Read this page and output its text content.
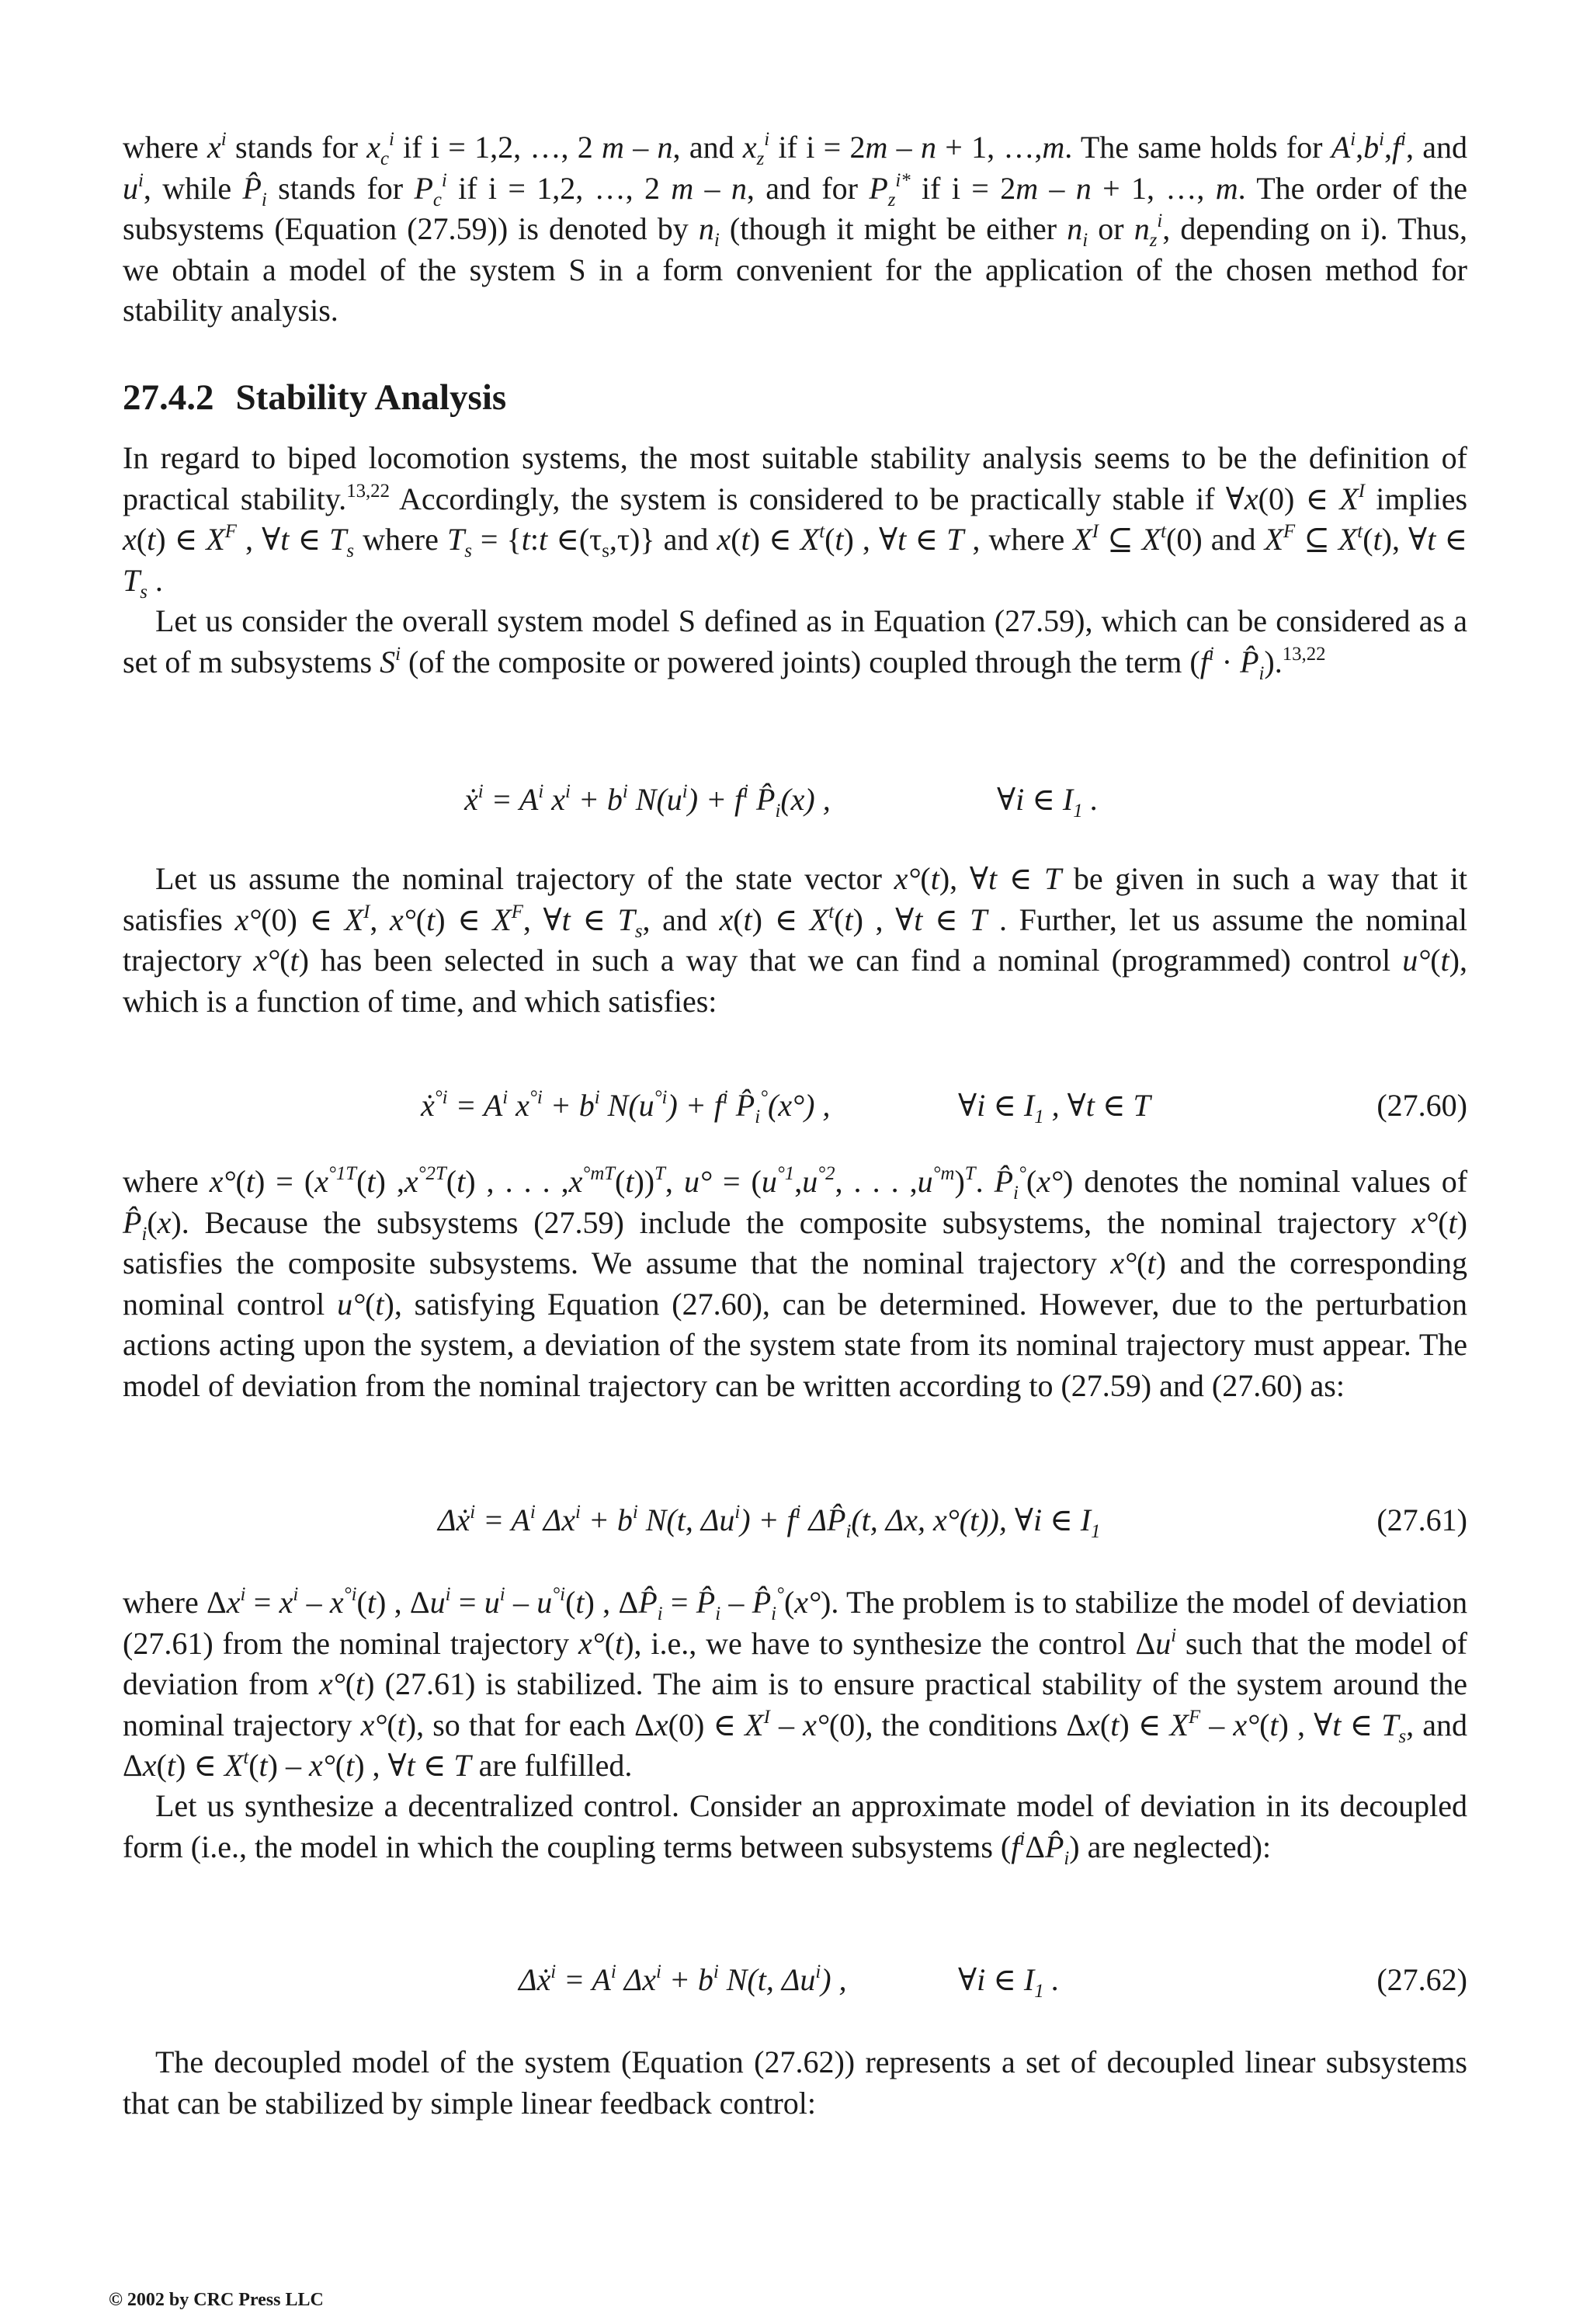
where $x^i$ stands for $x_c^i$ if i = 1,2, …, 2 m – n, and $x_z^i$ if i = 2m – n + 1, …,m. The same holds for $A^i,b^i,f^i$, and $u^i$, while $P̂_i$ stands for $P_c^i$ if i = 1,2, …, 2 m – n, and for $P_z^{i*}$ if i = 2m – n + 1, …, m. The order of the subsystems (Equation (27.59)) is denoted by $n_i$ (though it might be either $n_i$ or $n_z^i$, depending on i). Thus, we obtain a model of the system S in a form convenient for the application of the chosen method for stability analysis.
27.4.2 Stability Analysis
In regard to biped locomotion systems, the most suitable stability analysis seems to be the definition of practical stability.$^{13,22}$ Accordingly, the system is considered to be practically stable if ∀x(0) ∈ $X^I$ implies x(t) ∈ $X^F$ , ∀t ∈ $T_s$ where $T_s$ = {t:t $\in(\tau_s,\tau)$} and x(t) ∈ $X^t(t)$ , ∀t ∈ T , where $X^I$ ⊆ $X^t(0)$ and $X^F$ ⊆ $X^t(t)$, ∀t ∈ $T_s$ .
Let us consider the overall system model S defined as in Equation (27.59), which can be considered as a set of m subsystems $S^i$ (of the composite or powered joints) coupled through the term ($f^i$ · $P̂_i).^{13,22}$
ẋ$^i$ = $A^i$ $x^i + b^i$ $N(u^i) + f^i$ $P̂_i(x)$ ,	∀i ∈ $I_1$ .
Let us assume the nominal trajectory of the state vector x°(t), ∀t ∈ T be given in such a way that it satisfies x°(0) ∈ $X^I$, x°(t) ∈ $X^F$, ∀t ∈ $T_s$, and x(t) ∈ $X^t(t)$ , ∀t ∈ T . Further, let us assume the nominal trajectory x°(t) has been selected in such a way that we can find a nominal (programmed) control u°(t), which is a function of time, and which satisfies:
ẋ$^{^\circ i}$ = $A^i$ $x^{^\circ i} + b^i$ $N(u^{^\circ i}) + f^i$ $P̂_i^\circ(x^\circ)$ ,	∀i ∈ $I_1$ , ∀t ∈ T	(27.60)
where $x^\circ(t) = (x^{^\circ 1T}(t)$ $,x^{^\circ 2T}(t)$ , . . . $,x^{^\circ mT}(t))^T$, $u^\circ = (u^{^\circ 1},u^{^\circ 2}$, . . . $,u^{^\circ m})^T$. $P̂_i^\circ(x^\circ)$ denotes the nominal values of $P̂_i(x)$. Because the subsystems (27.59) include the composite subsystems, the nominal trajectory x°(t) satisfies the composite subsystems. We assume that the nominal trajectory x°(t) and the corresponding nominal control u°(t), satisfying Equation (27.60), can be determined. However, due to the perturbation actions acting upon the system, a deviation of the system state from its nominal trajectory must appear. The model of deviation from the nominal trajectory can be written according to (27.59) and (27.60) as:
Δẋ$^i$ = $A^i$ $\Delta x^i + b^i$ N(t, $\Delta u^i) + f^i$ $\Delta P̂_i(t$, Δx, x°(t)), ∀i ∈ $I_1$	(27.61)
where $\Delta x^i = x^i - x^{^\circ i}(t)$ , $\Delta u^i = u^i - u^{^\circ i}(t)$ , $\Delta P̂_i$ = $P̂_i$ – $P̂_i^\circ(x^\circ)$. The problem is to stabilize the model of deviation (27.61) from the nominal trajectory x°(t), i.e., we have to synthesize the control $\Delta u^i$ such that the model of deviation from x°(t) (27.61) is stabilized. The aim is to ensure practical stability of the system around the nominal trajectory x°(t), so that for each Δx(0) ∈ $X^I - x^\circ(0)$, the conditions Δx(t) ∈ $X^F - x^\circ(t)$ , ∀t ∈ $T_s$, and Δx(t) ∈ $X^t(t) - x^\circ(t)$ , ∀t ∈ T are fulfilled.
Let us synthesize a decentralized control. Consider an approximate model of deviation in its decoupled form (i.e., the model in which the coupling terms between subsystems $(f^i\Delta P̂_i)$ are neglected):
Δẋ$^i$ = $A^i$ $\Delta x^i + b^i$ N(t, $\Delta u^i$) ,	∀i ∈ $I_1$ .	(27.62)
The decoupled model of the system (Equation (27.62)) represents a set of decoupled linear subsystems that can be stabilized by simple linear feedback control:
© 2002 by CRC Press LLC
